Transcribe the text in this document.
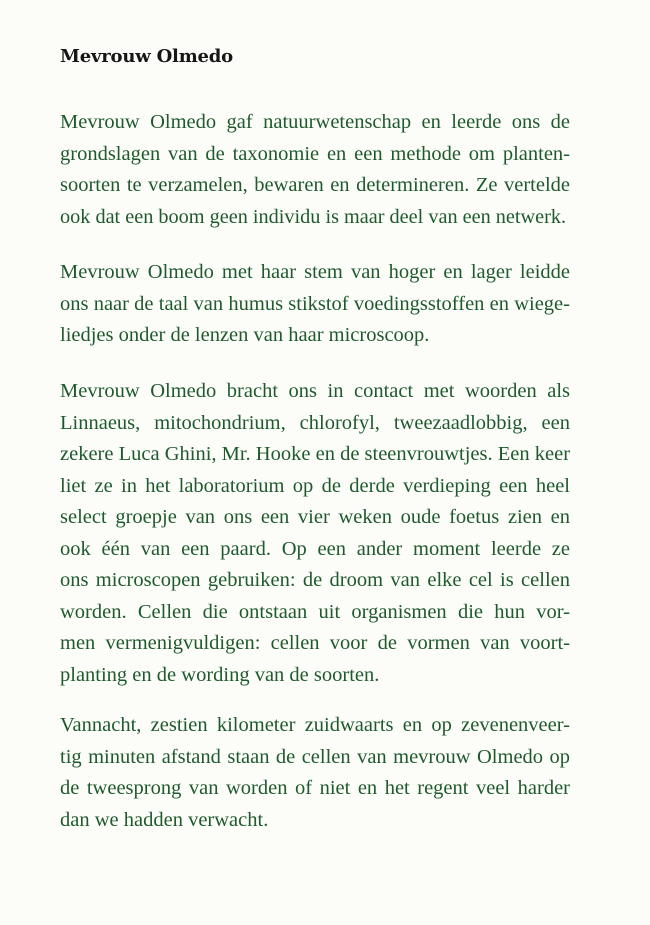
Mevrouw Olmedo

Mevrouw Olmedo gaf natuurwetenschap en leerde ons de
grondslagen van de taxonomie en een methode om planten-
soorten te verzamelen, bewaren en determineren. Ze vertelde
ook dat een boom geen individu is maar deel van een netwerk.

Mevrouw Olmedo met haar stem van hoger en lager leidde
ons naar de taal van humus stikstof voedingsstoffen en wiege-
liedjes onder de lenzen van haar microscoop.

Mevrouw Olmedo bracht ons in contact met woorden als
Linnaeus, mitochondrium, chlorofyl, tweezaadlobbig, een
zekere Luca Ghini, Mr. Hooke en de steenvrouwtjes. Een keer
liet ze in het laboratorium op de derde verdieping een heel
select groepje van ons een vier weken oude foetus zien en
ook één van een paard. Op een ander moment leerde ze
ons microscopen gebruiken: de droom van elke cel is cellen
worden. Cellen die ontstaan uit organismen die hun vor-
men vermenigvuldigen: cellen voor de vormen van voort-
planting en de wording van de soorten.

Vannacht, zestien kilometer zuidwaarts en op zevenenveer-
tig minuten afstand staan de cellen van mevrouw Olmedo op
de tweesprong van worden of niet en het regent veel harder
dan we hadden verwacht.
